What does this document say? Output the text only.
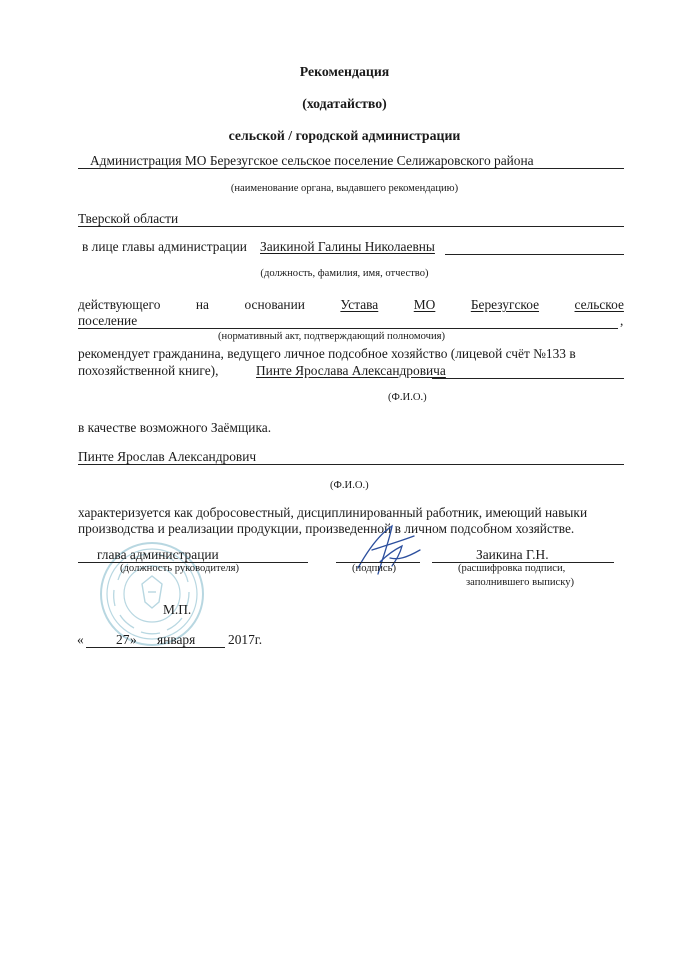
Рекомендация
(ходатайство)
сельской / городской администрации
Администрация МО Березугское сельское поселение Селижаровского района
(наименование органа, выдавшего рекомендацию)
Тверской области
в лице главы администрации Заикиной Галины Николаевны
(должность, фамилия, имя, отчество)
действующего	на	основании	Устава	МО	Березугское	сельское
поселение	,
(нормативный акт, подтверждающий полномочия)
рекомендует гражданина, ведущего личное подсобное хозяйство (лицевой счёт №133 в
похозяйственной книге),	Пинте Ярослава Александровича
(Ф.И.О.)
в качестве возможного Заёмщика.
Пинте Ярослав Александрович
(Ф.И.О.)
характеризуется как добросовестный, дисциплинированный работник, имеющий навыки
производства и реализации продукции, произведенной в личном подсобном хозяйстве.
глава администрации
(должность руководителя)	(подпись)
Заикина Г.Н.
(расшифровка подписи,
заполнившего выписку)
М.П.
« 27 » января 2017г.
